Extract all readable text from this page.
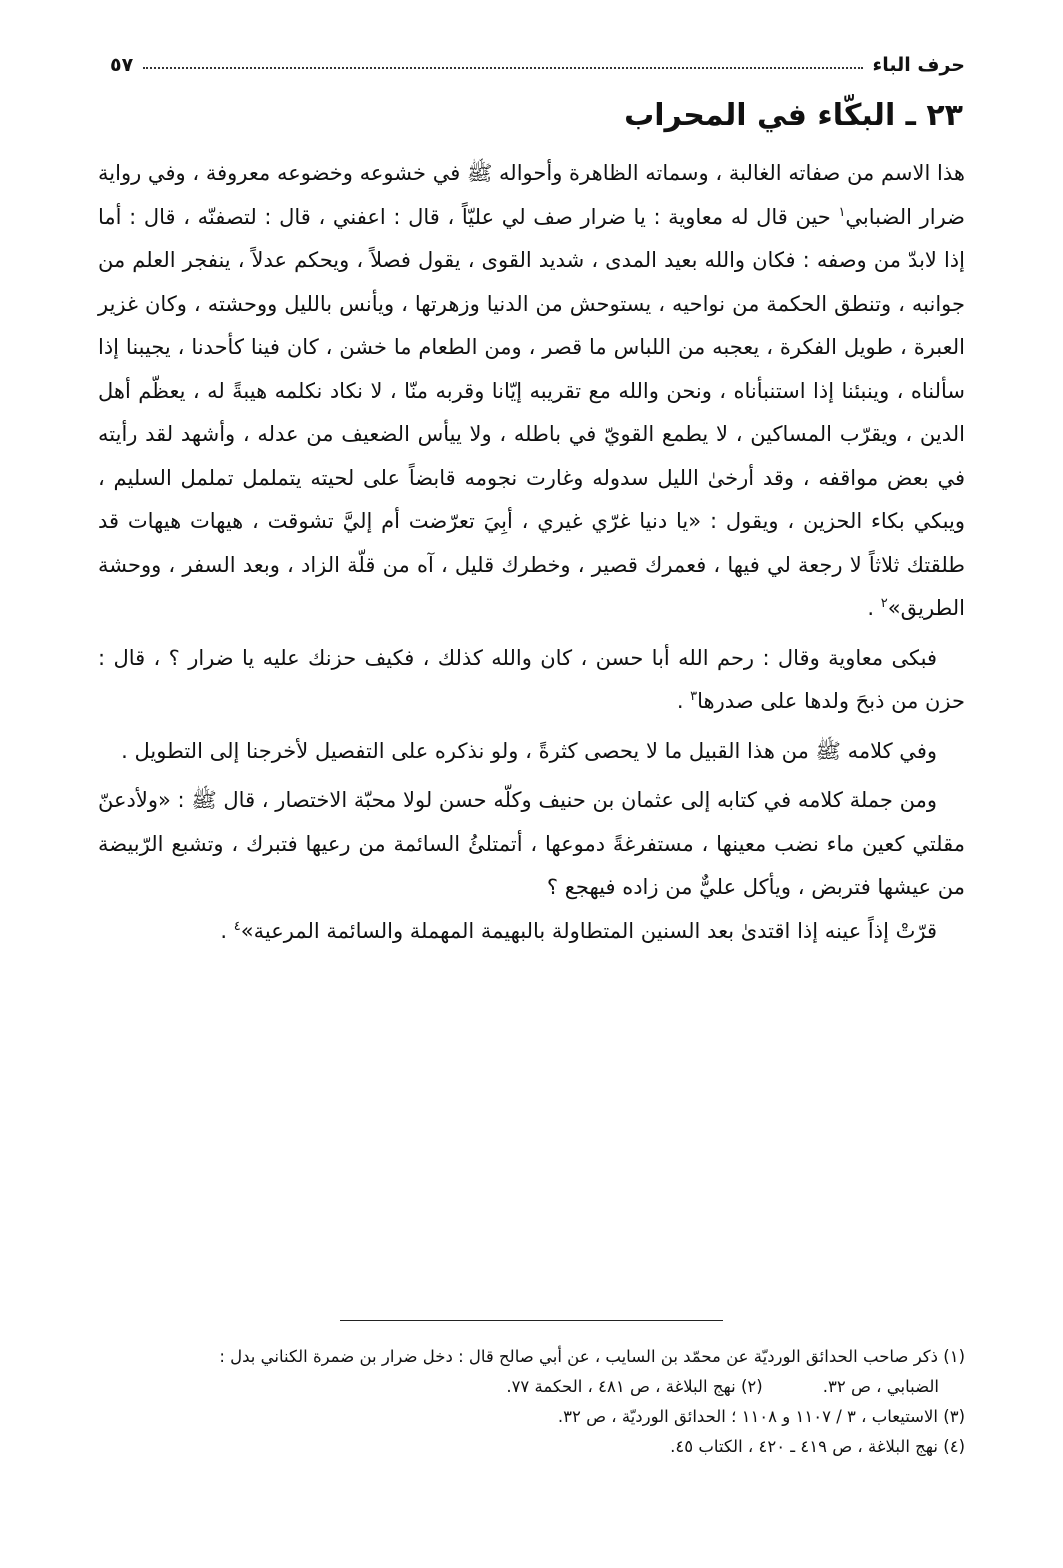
حرف الباء
٥٧
٢٣ ـ البكّاء في المحراب

هذا الاسم من صفاته الغالبة ، وسماته الظاهرة وأحواله ﷺ في خشوعه وخضوعه معروفة ، وفي رواية ضرار الضبابي$^١$ حين قال له معاوية : يا ضرار صف لي عليّاً ، قال : اعفني ، قال : لتصفنّه ، قال : أما إذا لابدّ من وصفه : فكان والله بعيد المدى ، شديد القوى ، يقول فصلاً ، ويحكم عدلاً ، ينفجر العلم من جوانبه ، وتنطق الحكمة من نواحيه ، يستوحش من الدنيا وزهرتها ، ويأنس بالليل ووحشته ، وكان غزير العبرة ، طويل الفكرة ، يعجبه من اللباس ما قصر ، ومن الطعام ما خشن ، كان فينا كأحدنا ، يجيبنا إذا سألناه ، وينبئنا إذا استنبأناه ، ونحن والله مع تقريبه إيّانا وقربه منّا ، لا نكاد نكلمه هيبةً له ، يعظّم أهل الدين ، ويقرّب المساكين ، لا يطمع القويّ في باطله ، ولا ييأس الضعيف من عدله ، وأشهد لقد رأيته في بعض مواقفه ، وقد أرخىٰ الليل سدوله وغارت نجومه قابضاً على لحيته يتململ تململ السليم ، ويبكي بكاء الحزين ، ويقول : «يا دنيا غرّي غيري ، أبِيَ تعرّضت أم إليَّ تشوقت ، هيهات هيهات قد طلقتك ثلاثاً لا رجعة لي فيها ، فعمرك قصير ، وخطرك قليل ، آه من قلّة الزاد ، وبعد السفر ، ووحشة الطريق»$^٢$ .

فبكى معاوية وقال : رحم الله أبا حسن ، كان والله كذلك ، فكيف حزنك عليه يا ضرار ؟ ، قال : حزن من ذبحَ ولدها على صدرها$^٣$ .

وفي كلامه ﷺ من هذا القبيل ما لا يحصى كثرةً ، ولو نذكره على التفصيل لأخرجنا إلى التطويل .

ومن جملة كلامه في كتابه إلى عثمان بن حنيف وكلّه حسن لولا محبّة الاختصار ، قال ﷺ : «ولأدعنّ مقلتي كعين ماء نضب معينها ، مستفرغةً دموعها ، أتمتلئُ السائمة من رعيها فتبرك ، وتشبع الرّبيضة من عيشها فتربض ، ويأكل عليٌّ من زاده فيهجع ؟

قرّتْ إذاً عينه إذا اقتدىٰ بعد السنين المتطاولة بالبهيمة المهملة والسائمة المرعية»$^٤$ .

(١) ذكر صاحب الحدائق الورديّة عن محمّد بن السايب ، عن أبي صالح قال : دخل ضرار بن ضمرة الكناني بدل :

الضبابي ، ص ٣٢.
(٢) نهج البلاغة ، ص ٤٨١ ، الحكمة ٧٧.

(٣) الاستيعاب ، ٣ / ١١٠٧ و ١١٠٨ ؛ الحدائق الورديّة ، ص ٣٢.

(٤) نهج البلاغة ، ص ٤١٩ ـ ٤٢٠ ، الكتاب ٤٥.
